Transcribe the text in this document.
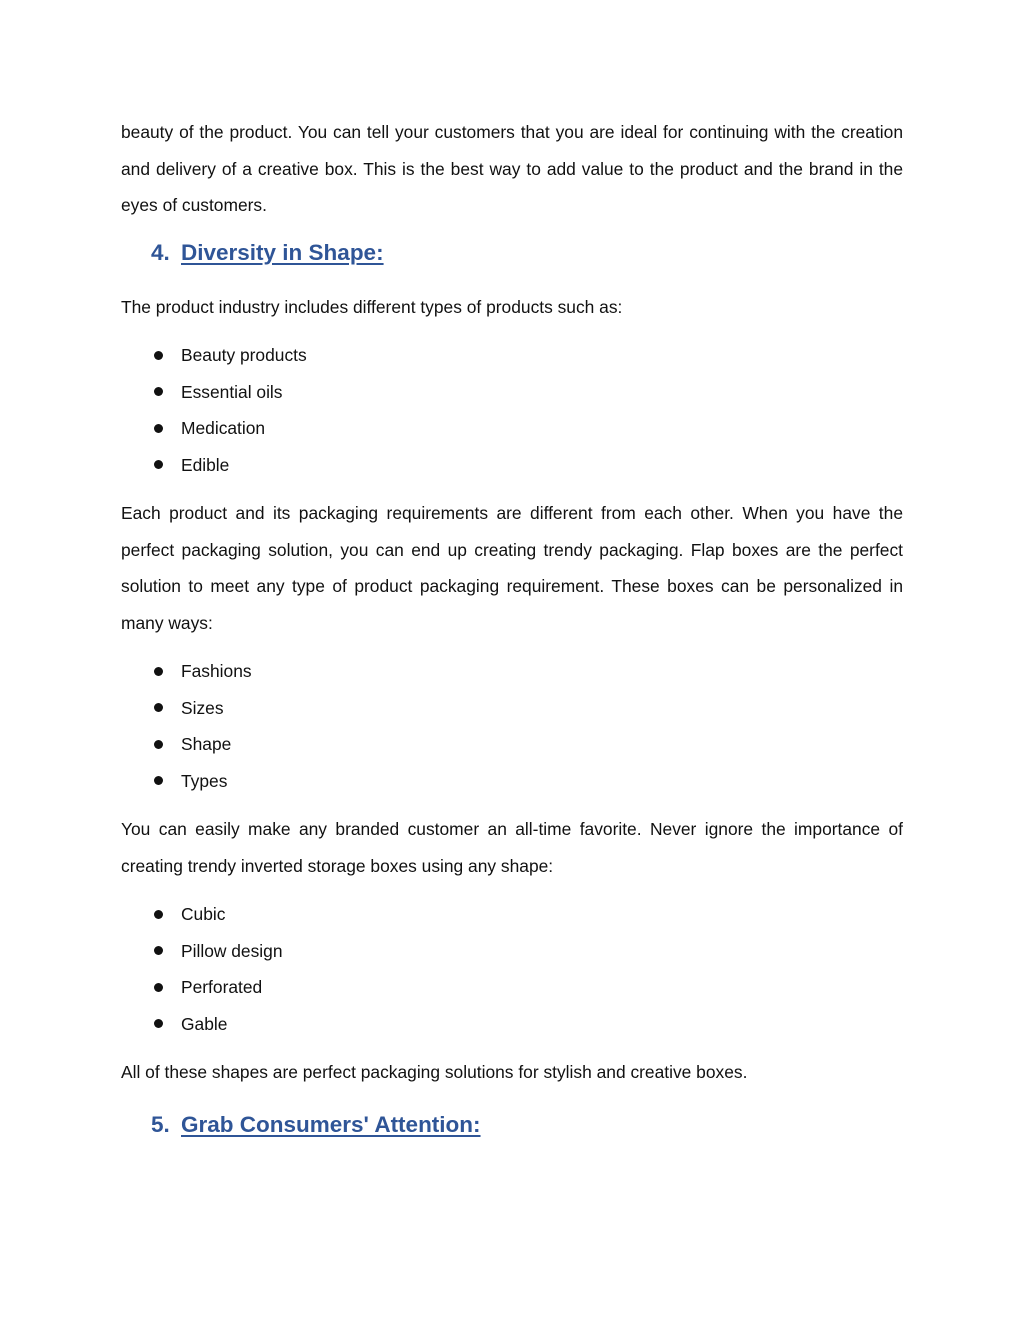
beauty of the product. You can tell your customers that you are ideal for continuing with the creation and delivery of a creative box. This is the best way to add value to the product and the brand in the eyes of customers.

4. Diversity in Shape:

The product industry includes different types of products such as:

Beauty products
Essential oils
Medication
Edible

Each product and its packaging requirements are different from each other. When you have the perfect packaging solution, you can end up creating trendy packaging. Flap boxes are the perfect solution to meet any type of product packaging requirement. These boxes can be personalized in many ways:

Fashions
Sizes
Shape
Types

You can easily make any branded customer an all-time favorite. Never ignore the importance of creating trendy inverted storage boxes using any shape:

Cubic
Pillow design
Perforated
Gable

All of these shapes are perfect packaging solutions for stylish and creative boxes.

5. Grab Consumers' Attention:
